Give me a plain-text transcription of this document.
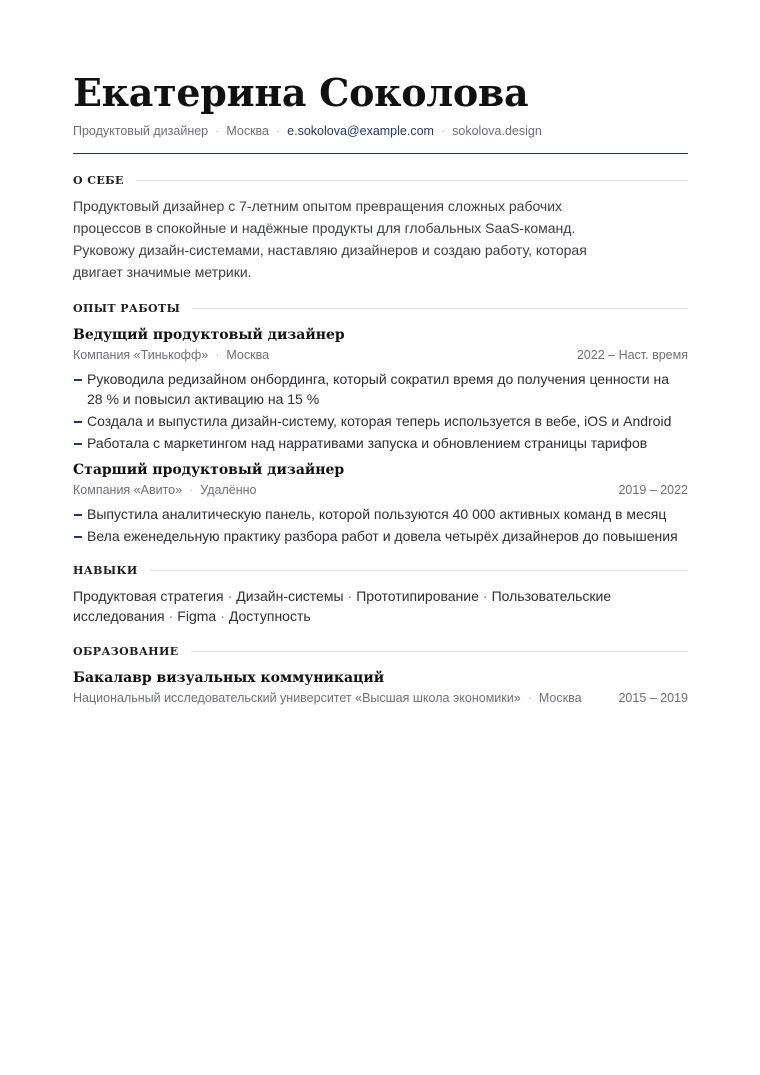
Екатерина Соколова
Продуктовый дизайнер · Москва · e.sokolova@example.com · sokolova.design
О СЕБЕ

Продуктовый дизайнер с 7-летним опытом превращения сложных рабочих процессов в спокойные и надёжные продукты для глобальных SaaS-команд. Руковожу дизайн-системами, наставляю дизайнеров и создаю работу, которая двигает значимые метрики.

ОПЫТ РАБОТЫ
Ведущий продуктовый дизайнер
Компания «Тинькофф» · Москва	2022 – Наст. время
Руководила редизайном онбординга, который сократил время до получения ценности на 28 % и повысил активацию на 15 %
Создала и выпустила дизайн-систему, которая теперь используется в вебе, iOS и Android
Работала с маркетингом над нарративами запуска и обновлением страницы тарифов
Старший продуктовый дизайнер
Компания «Авито» · Удалённо	2019 – 2022
Выпустила аналитическую панель, которой пользуются 40 000 активных команд в месяц
Вела еженедельную практику разбора работ и довела четырёх дизайнеров до повышения
НАВЫКИ

Продуктовая стратегия · Дизайн-системы · Прототипирование · Пользовательские исследования · Figma · Доступность

ОБРАЗОВАНИЕ
Бакалавр визуальных коммуникаций
Национальный исследовательский университет «Высшая школа экономики» · Москва	2015 – 2019
